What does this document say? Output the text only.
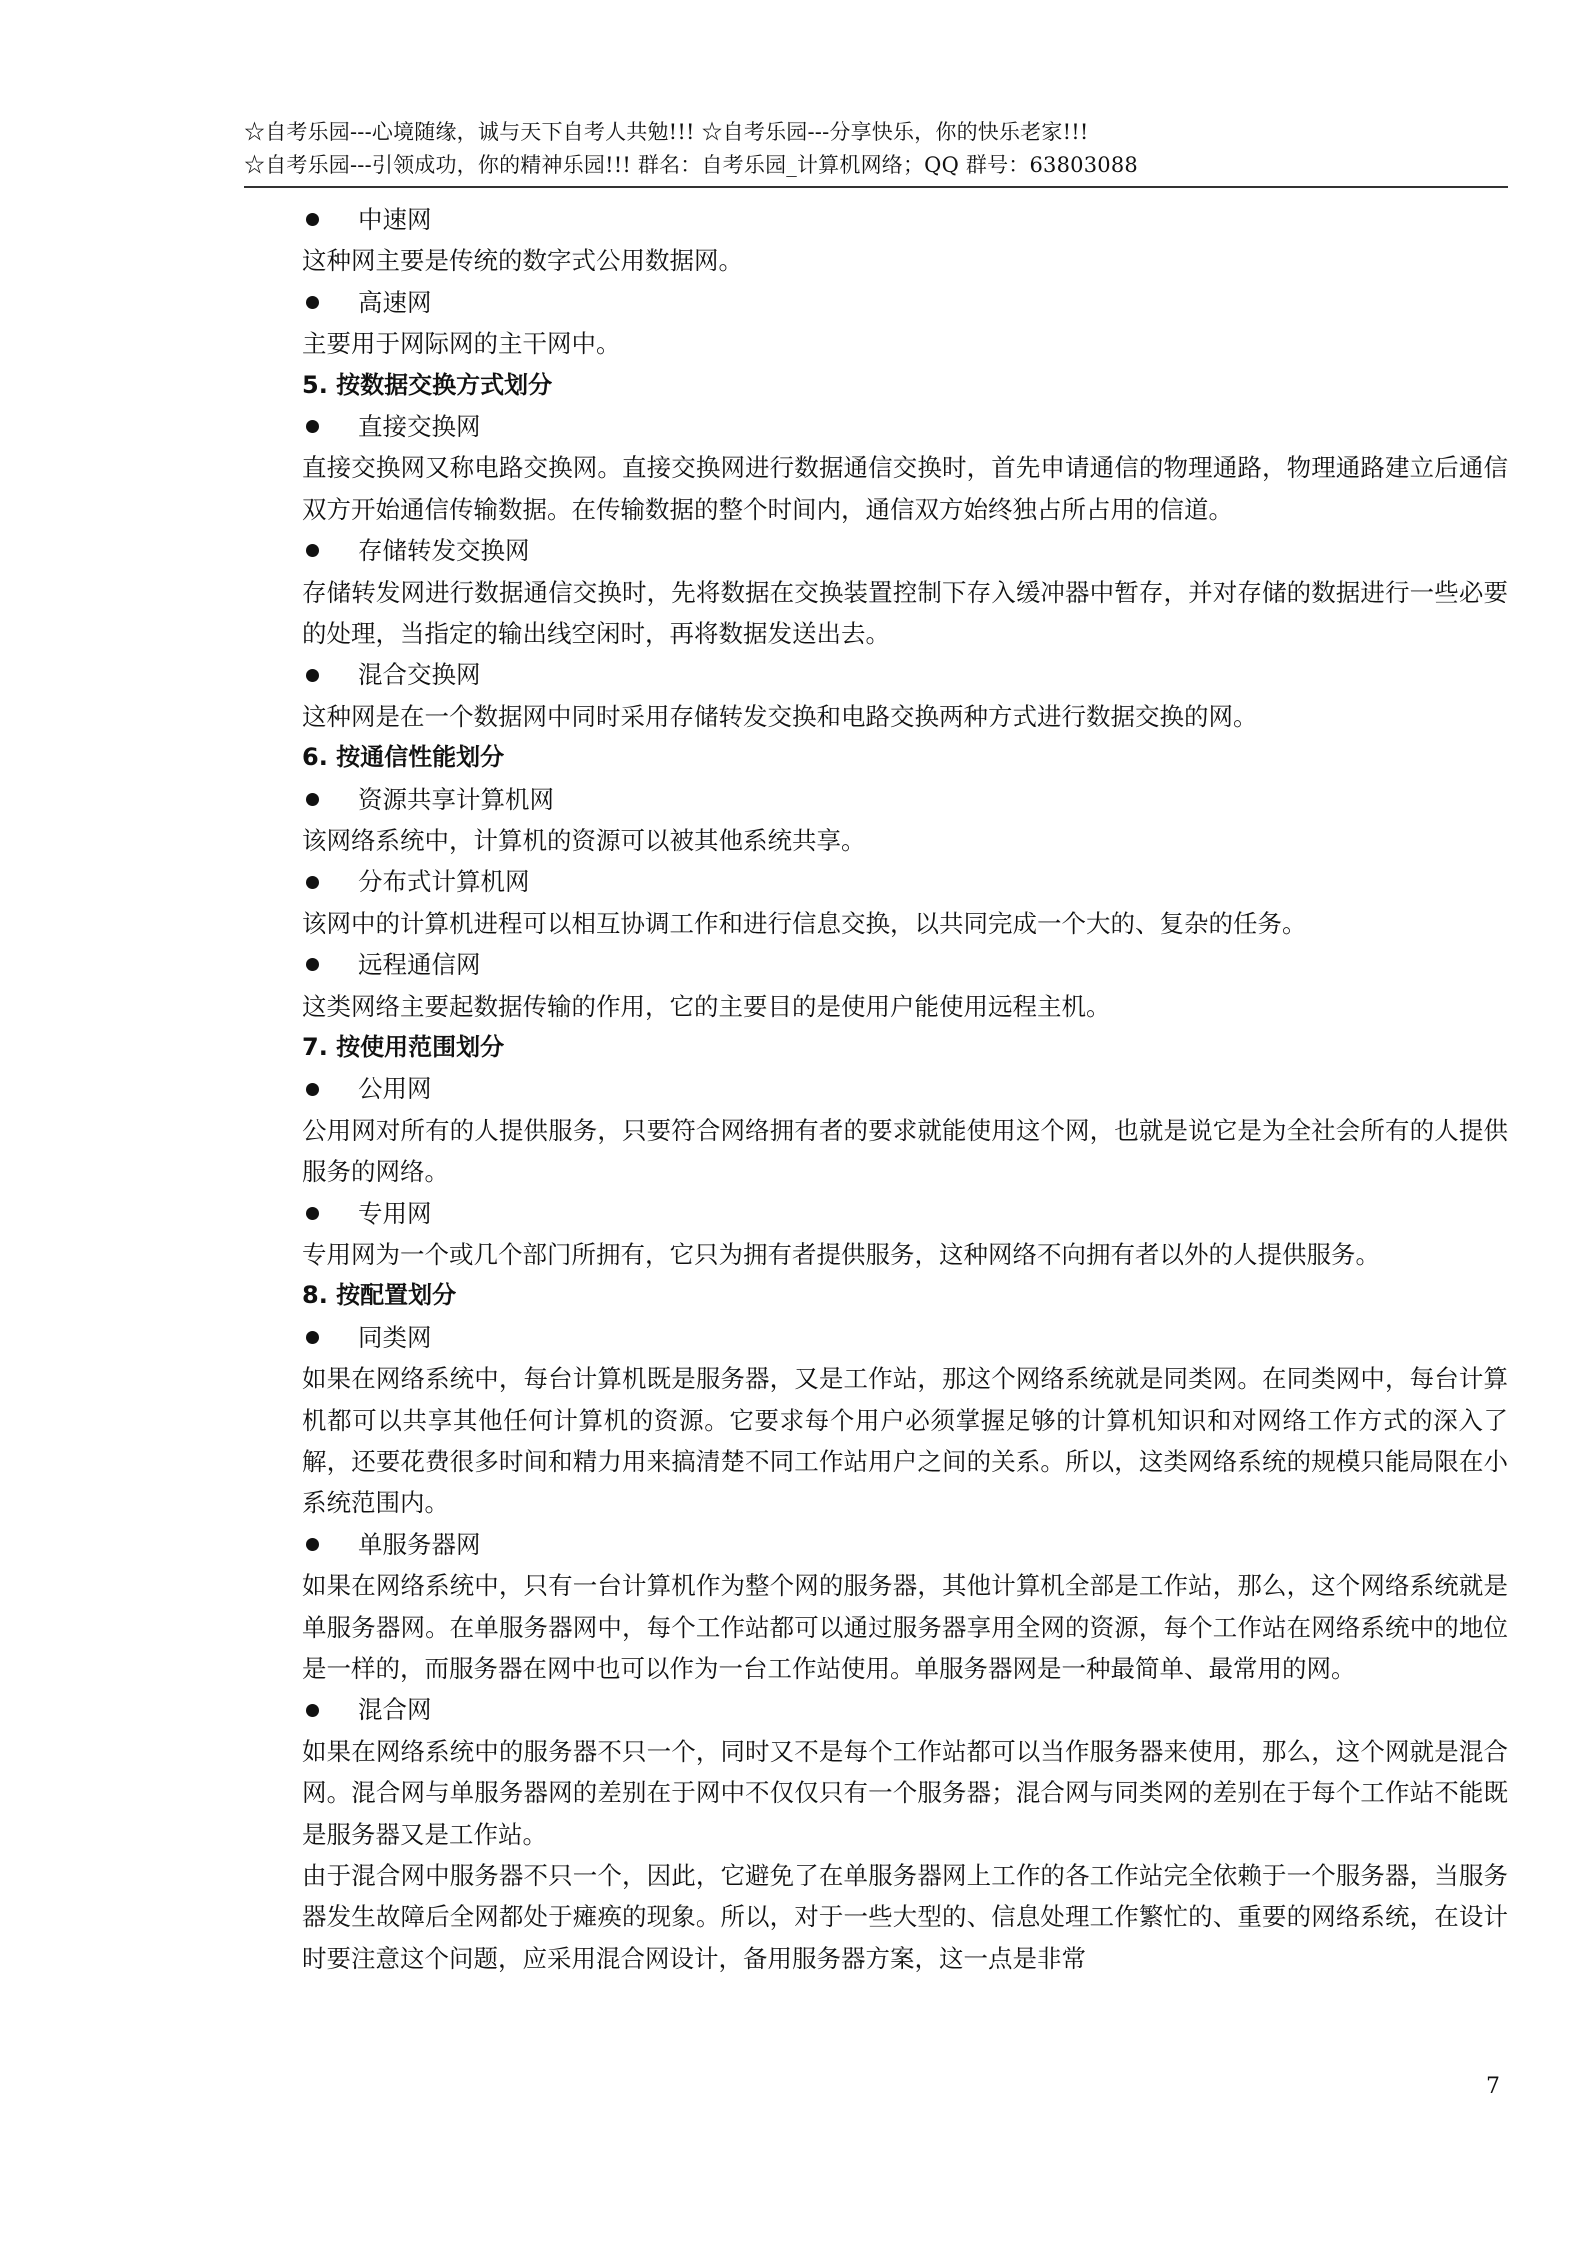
☆自考乐园---心境随缘，诚与天下自考人共勉!!! ☆自考乐园---分享快乐，你的快乐老家!!!
☆自考乐园---引领成功，你的精神乐园!!! 群名：自考乐园_计算机网络；QQ 群号：63803088
中速网

这种网主要是传统的数字式公用数据网。

高速网

主要用于网际网的主干网中。

5. 按数据交换方式划分
直接交换网

直接交换网又称电路交换网。直接交换网进行数据通信交换时，首先申请通信的物理通路，物理通路建立后通信双方开始通信传输数据。在传输数据的整个时间内，通信双方始终独占所占用的信道。

存储转发交换网

存储转发网进行数据通信交换时，先将数据在交换装置控制下存入缓冲器中暂存，并对存储的数据进行一些必要的处理，当指定的输出线空闲时，再将数据发送出去。

混合交换网

这种网是在一个数据网中同时采用存储转发交换和电路交换两种方式进行数据交换的网。

6. 按通信性能划分
资源共享计算机网

该网络系统中，计算机的资源可以被其他系统共享。

分布式计算机网

该网中的计算机进程可以相互协调工作和进行信息交换，以共同完成一个大的、复杂的任务。

远程通信网

这类网络主要起数据传输的作用，它的主要目的是使用户能使用远程主机。

7. 按使用范围划分
公用网

公用网对所有的人提供服务，只要符合网络拥有者的要求就能使用这个网，也就是说它是为全社会所有的人提供服务的网络。

专用网

专用网为一个或几个部门所拥有，它只为拥有者提供服务，这种网络不向拥有者以外的人提供服务。

8. 按配置划分
同类网

如果在网络系统中，每台计算机既是服务器，又是工作站，那这个网络系统就是同类网。在同类网中，每台计算机都可以共享其他任何计算机的资源。它要求每个用户必须掌握足够的计算机知识和对网络工作方式的深入了解，还要花费很多时间和精力用来搞清楚不同工作站用户之间的关系。所以，这类网络系统的规模只能局限在小系统范围内。

单服务器网

如果在网络系统中，只有一台计算机作为整个网的服务器，其他计算机全部是工作站，那么，这个网络系统就是单服务器网。在单服务器网中，每个工作站都可以通过服务器享用全网的资源，每个工作站在网络系统中的地位是一样的，而服务器在网中也可以作为一台工作站使用。单服务器网是一种最简单、最常用的网。

混合网

如果在网络系统中的服务器不只一个，同时又不是每个工作站都可以当作服务器来使用，那么，这个网就是混合网。混合网与单服务器网的差别在于网中不仅仅只有一个服务器；混合网与同类网的差别在于每个工作站不能既是服务器又是工作站。

由于混合网中服务器不只一个，因此，它避免了在单服务器网上工作的各工作站完全依赖于一个服务器，当服务器发生故障后全网都处于瘫痪的现象。所以，对于一些大型的、信息处理工作繁忙的、重要的网络系统，在设计时要注意这个问题，应采用混合网设计，备用服务器方案，这一点是非常

7
